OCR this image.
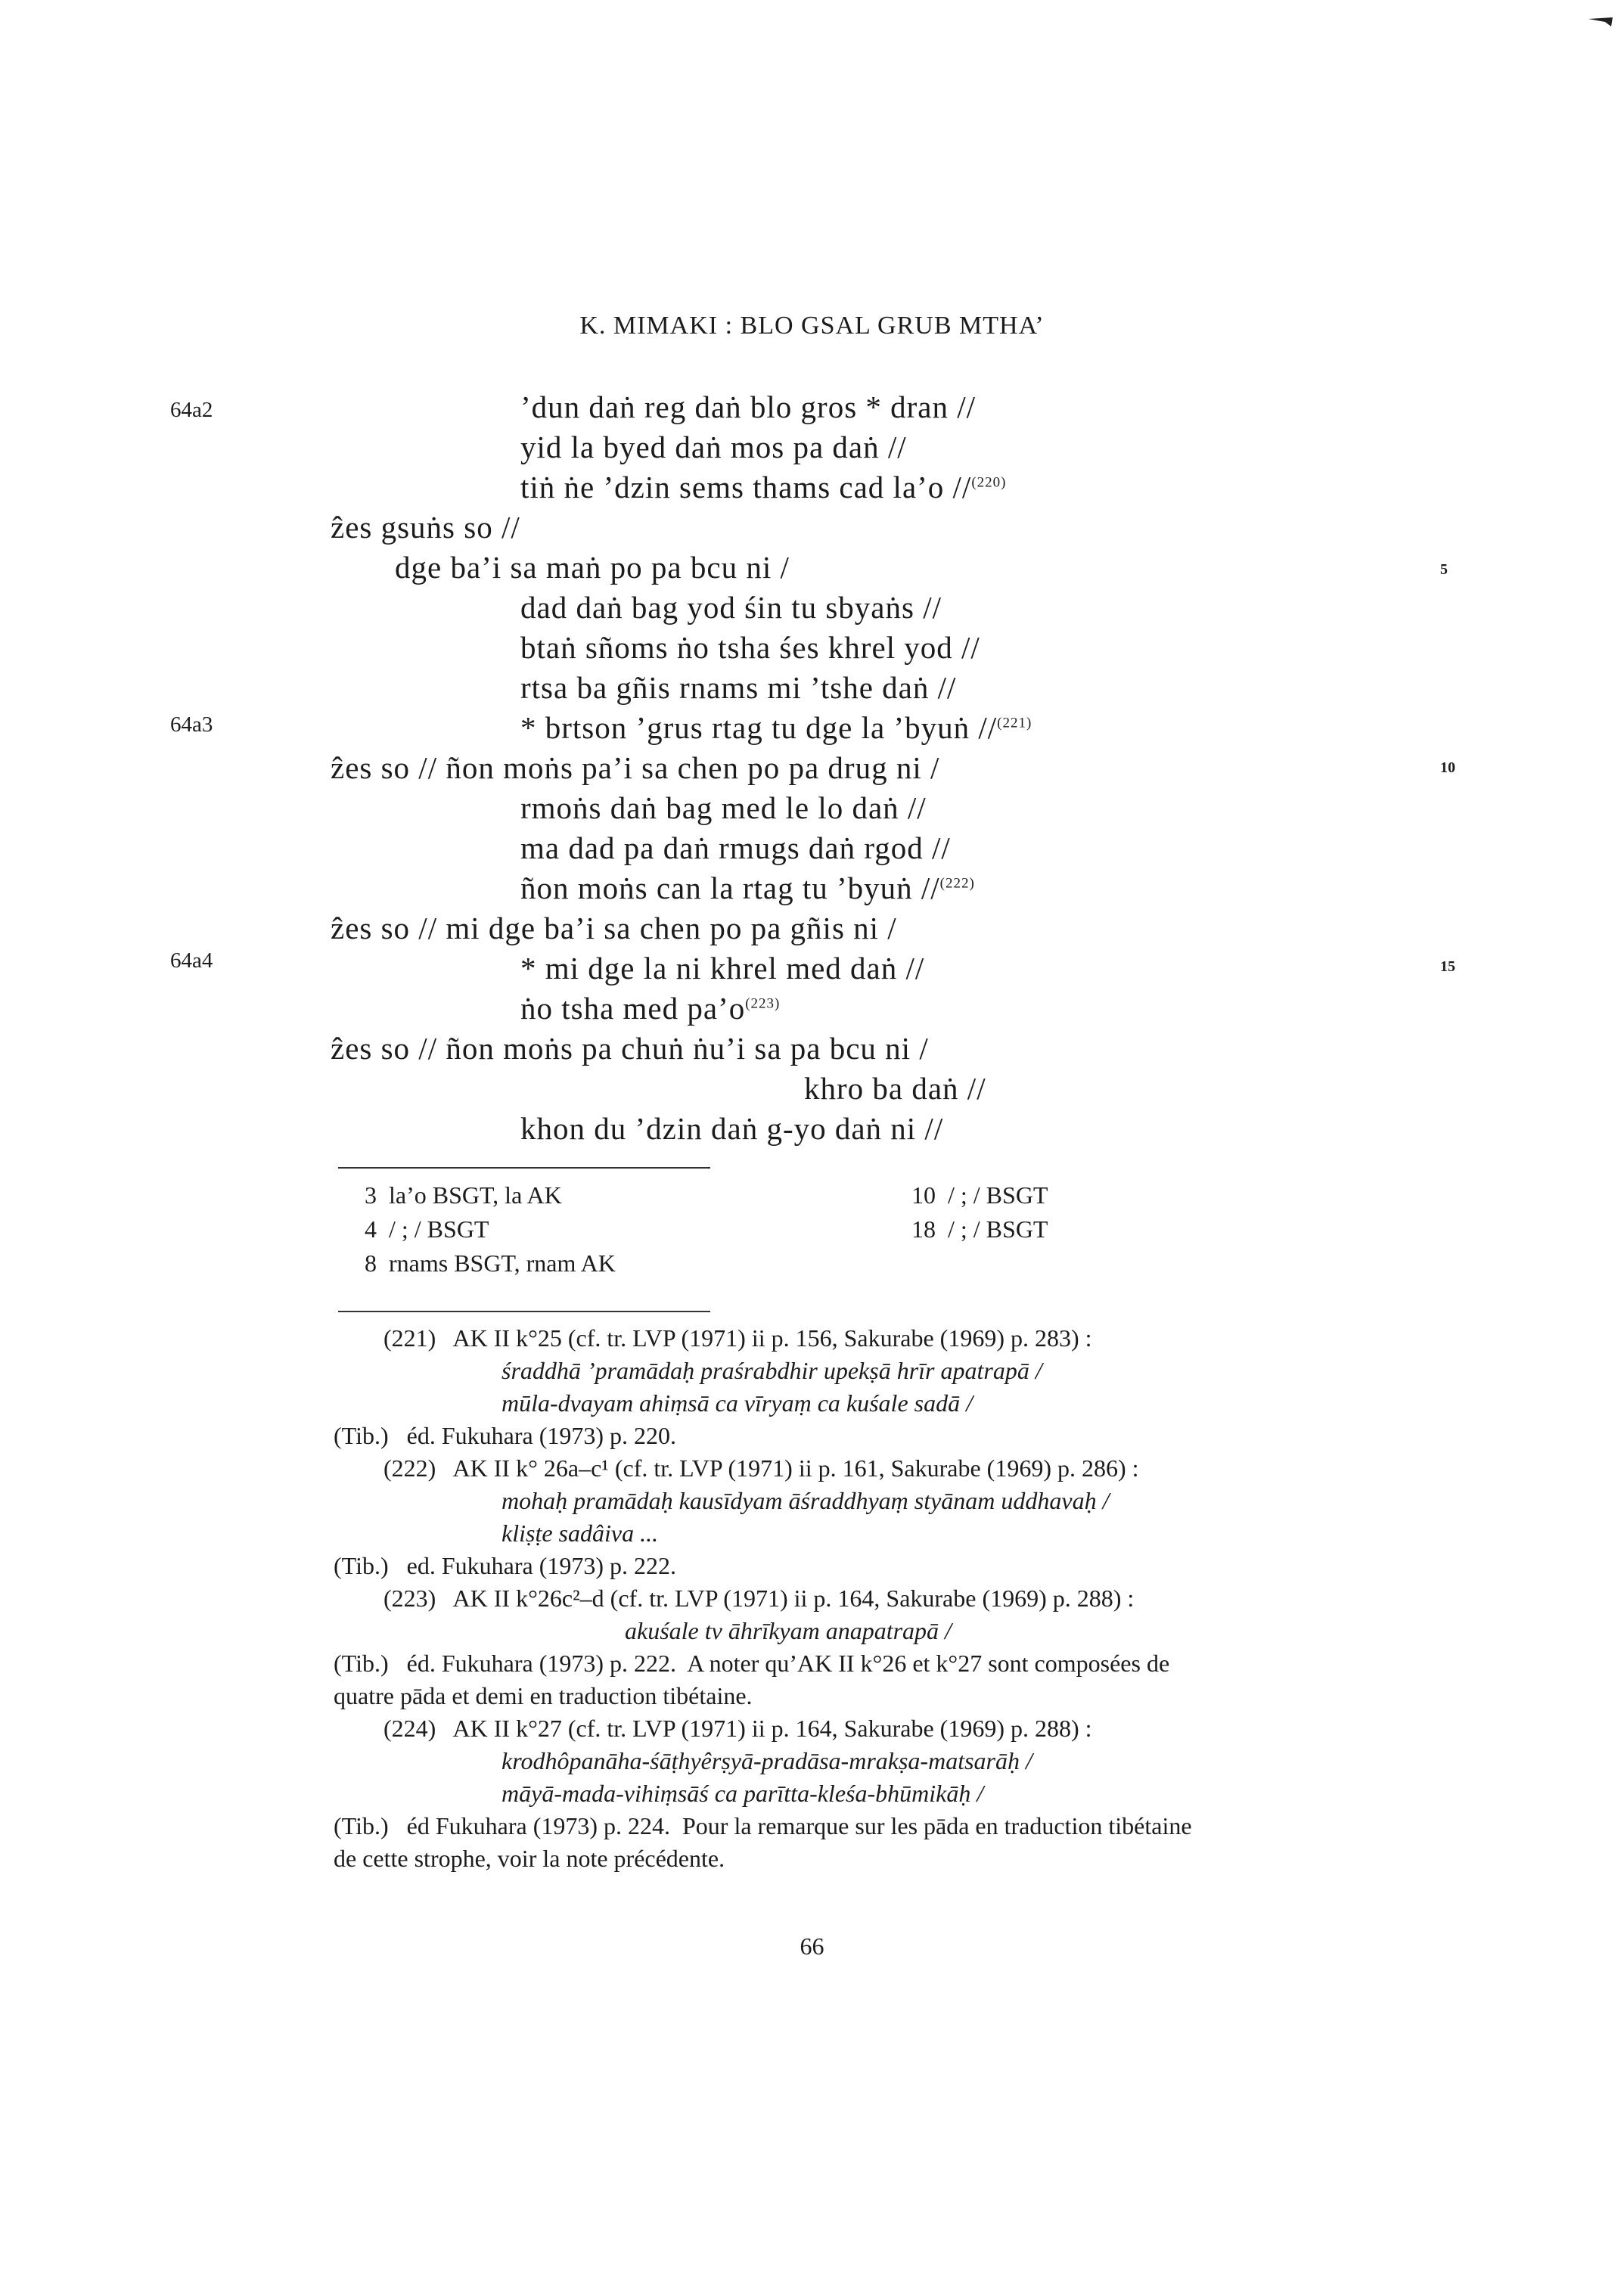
K. MIMAKI : BLO GSAL GRUB MTHA’
64a2
64a3
64a4
5
10
15
’dun daṅ reg daṅ blo gros * dran //
yid la byed daṅ mos pa daṅ //
tiṅ ṅe ’dzin sems thams cad la’o //$^{(220)}$
ẑes gsuṅs so //
dge ba’i sa maṅ po pa bcu ni /
dad daṅ bag yod śin tu sbyaṅs //
btaṅ sñoms ṅo tsha śes khrel yod //
rtsa ba gñis rnams mi ’tshe daṅ //
* brtson ’grus rtag tu dge la ’byuṅ //$^{(221)}$
ẑes so // ñon moṅs pa’i sa chen po pa drug ni /
rmoṅs daṅ bag med le lo daṅ //
ma dad pa daṅ rmugs daṅ rgod //
ñon moṅs can la rtag tu ’byuṅ //$^{(222)}$
ẑes so // mi dge ba’i sa chen po pa gñis ni /
* mi dge la ni khrel med daṅ //
ṅo tsha med $pa’o^{(223)}$
ẑes so // ñon moṅs pa chuṅ ṅu’i sa pa bcu ni /
khro ba daṅ //
khon du ’dzin daṅ g-yo daṅ ni //
3 la’o BSGT, la AK
4 / ; / BSGT
8 rnams BSGT, rnam AK
10 / ; / BSGT
18 / ; / BSGT
(221)   AK II k°25 (cf. tr. LVP (1971) ii p. 156, Sakurabe (1969) p. 283) :
śraddhā ’pramādaḥ praśrabdhir upekṣā hrīr apatrapā /
mūla-dvayam ahiṃsā ca vīryaṃ ca kuśale sadā /
(Tib.)   éd. Fukuhara (1973) p. 220.
(222)   AK II k° 26a–c¹ (cf. tr. LVP (1971) ii p. 161, Sakurabe (1969) p. 286) :
mohaḥ pramādaḥ kausīdyam āśraddhyaṃ styānam uddhavaḥ /
kliṣṭe sadâiva ...
(Tib.)   ed. Fukuhara (1973) p. 222.
(223)   AK II k°26c²–d (cf. tr. LVP (1971) ii p. 164, Sakurabe (1969) p. 288) :
akuśale tv āhrīkyam anapatrapā /
(Tib.)   éd. Fukuhara (1973) p. 222.  A noter qu’AK II k°26 et k°27 sont composées de
quatre pāda et demi en traduction tibétaine.
(224)   AK II k°27 (cf. tr. LVP (1971) ii p. 164, Sakurabe (1969) p. 288) :
krodhôpanāha-śāṭhyêrṣyā-pradāsa-mrakṣa-matsarāḥ /
māyā-mada-vihiṃsāś ca parītta-kleśa-bhūmikāḥ /
(Tib.)   éd Fukuhara (1973) p. 224.  Pour la remarque sur les pāda en traduction tibétaine
de cette strophe, voir la note précédente.
66
